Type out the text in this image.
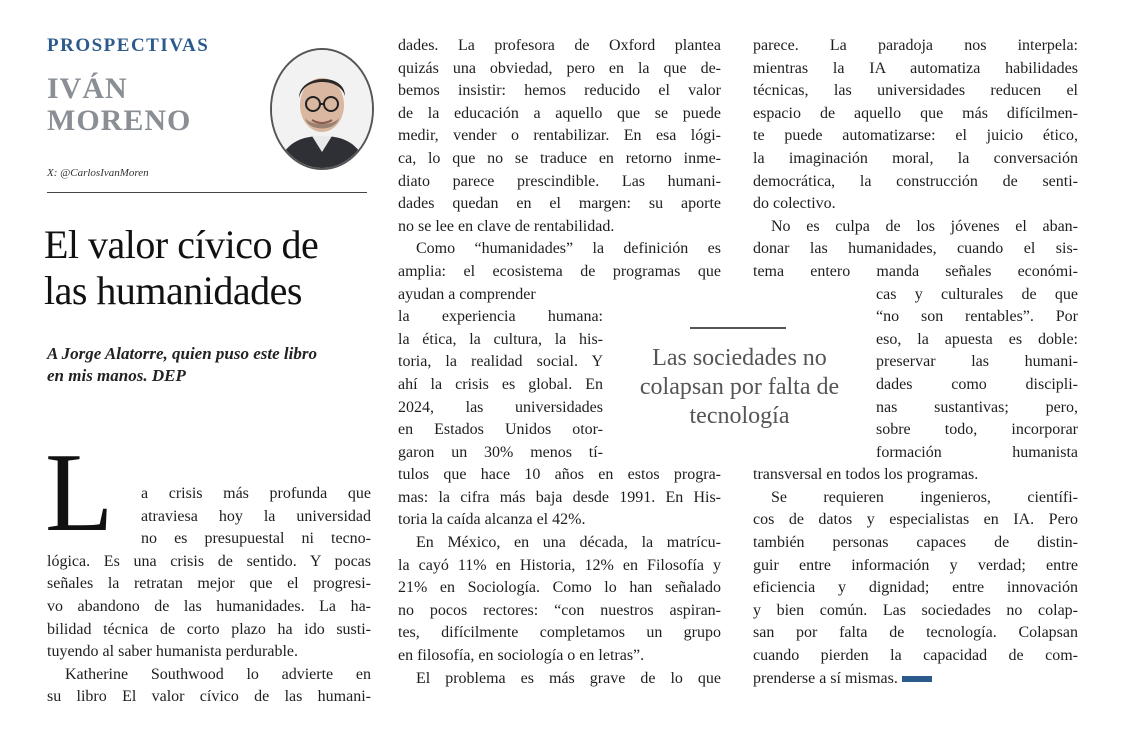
PROSPECTIVAS
IVÁN
MORENO
X: @CarlosIvanMoren
El valor cívico de
las humanidades
A Jorge Alatorre, quien puso este libro
en mis manos. DEP
L	a crisis más profunda que
atraviesa hoy la universidad
no es presupuestal ni tecno-
lógica. Es una crisis de sentido. Y pocas
señales la retratan mejor que el progresi-
vo abandono de las humanidades. La ha-
bilidad técnica de corto plazo ha ido susti-
tuyendo al saber humanista perdurable.
Katherine Southwood lo advierte en
su libro El valor cívico de las humani-
dades. La profesora de Oxford plantea
quizás una obviedad, pero en la que de-
bemos insistir: hemos reducido el valor
de la educación a aquello que se puede
medir, vender o rentabilizar. En esa lógi-
ca, lo que no se traduce en retorno inme-
diato parece prescindible. Las humani-
dades quedan en el margen: su aporte
no se lee en clave de rentabilidad.
Como “humanidades” la definición es
amplia: el ecosistema de programas que
ayudan a comprender
la experiencia humana:
la ética, la cultura, la his-
toria, la realidad social. Y
ahí la crisis es global. En
2024, las universidades
en Estados Unidos otor-
garon un 30% menos tí-
tulos que hace 10 años en estos progra-
mas: la cifra más baja desde 1991. En His-
toria la caída alcanza el 42%.
En México, en una década, la matrícu-
la cayó 11% en Historia, 12% en Filosofía y
21% en Sociología. Como lo han señalado
no pocos rectores: “con nuestros aspiran-
tes, difícilmente completamos un grupo
en filosofía, en sociología o en letras”.
El problema es más grave de lo que
Las sociedades no
colapsan por falta de
tecnología
parece. La paradoja nos interpela:
mientras la IA automatiza habilidades
técnicas, las universidades reducen el
espacio de aquello que más difícilmen-
te puede automatizarse: el juicio ético,
la imaginación moral, la conversación
democrática, la construcción de senti-
do colectivo.
No es culpa de los jóvenes el aban-
donar las humanidades, cuando el sis-
tema entero manda señales económi-
cas y culturales de que
“no son rentables”. Por
eso, la apuesta es doble:
preservar las humani-
dades como discipli-
nas sustantivas; pero,
sobre todo, incorporar
formación humanista
transversal en todos los programas.
Se requieren ingenieros, científi-
cos de datos y especialistas en IA. Pero
también personas capaces de distin-
guir entre información y verdad; entre
eficiencia y dignidad; entre innovación
y bien común. Las sociedades no colap-
san por falta de tecnología. Colapsan
cuando pierden la capacidad de com-
prenderse a sí mismas.
